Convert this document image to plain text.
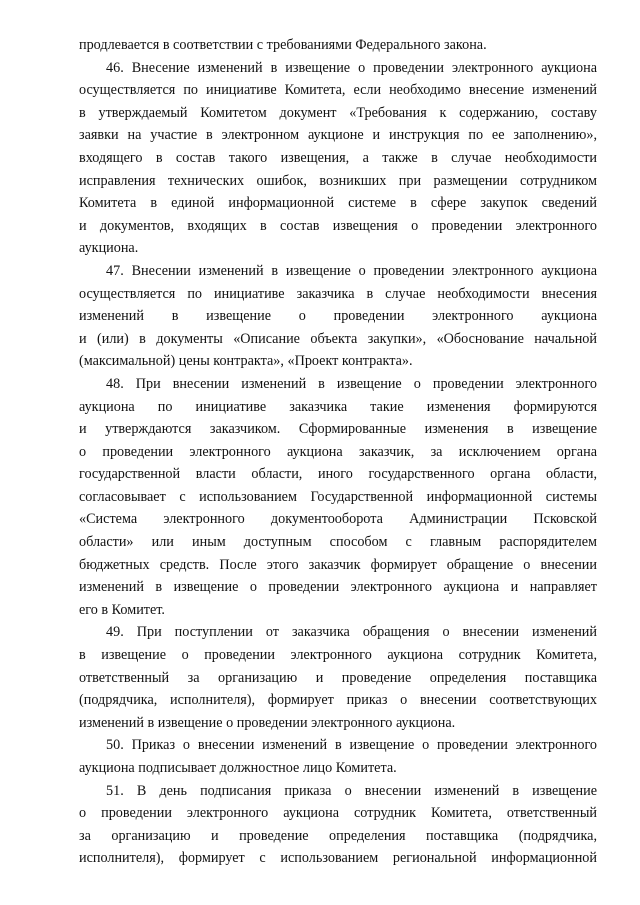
продлевается в соответствии с требованиями Федерального закона.
46. Внесение изменений в извещение о проведении электронного аукциона
осуществляется по инициативе Комитета, если необходимо внесение изменений
в утверждаемый Комитетом документ «Требования к содержанию, составу
заявки на участие в электронном аукционе и инструкция по ее заполнению»,
входящего в состав такого извещения, а также в случае необходимости
исправления технических ошибок, возникших при размещении сотрудником
Комитета в единой информационной системе в сфере закупок сведений
и документов, входящих в состав извещения о проведении электронного
аукциона.
47. Внесении изменений в извещение о проведении электронного аукциона
осуществляется по инициативе заказчика в случае необходимости внесения
изменений в извещение о проведении электронного аукциона
и (или) в документы «Описание объекта закупки», «Обоснование начальной
(максимальной) цены контракта», «Проект контракта».
48. При внесении изменений в извещение о проведении электронного
аукциона по инициативе заказчика такие изменения формируются
и утверждаются заказчиком. Сформированные изменения в извещение
о проведении электронного аукциона заказчик, за исключением органа
государственной власти области, иного государственного органа области,
согласовывает с использованием Государственной информационной системы
«Система электронного документооборота Администрации Псковской
области» или иным доступным способом с главным распорядителем
бюджетных средств. После этого заказчик формирует обращение о внесении
изменений в извещение о проведении электронного аукциона и направляет
его в Комитет.
49. При поступлении от заказчика обращения о внесении изменений
в извещение о проведении электронного аукциона сотрудник Комитета,
ответственный за организацию и проведение определения поставщика
(подрядчика, исполнителя), формирует приказ о внесении соответствующих
изменений в извещение о проведении электронного аукциона.
50. Приказ о внесении изменений в извещение о проведении электронного
аукциона подписывает должностное лицо Комитета.
51. В день подписания приказа о внесении изменений в извещение
о проведении электронного аукциона сотрудник Комитета, ответственный
за организацию и проведение определения поставщика (подрядчика,
исполнителя), формирует с использованием региональной информационной
